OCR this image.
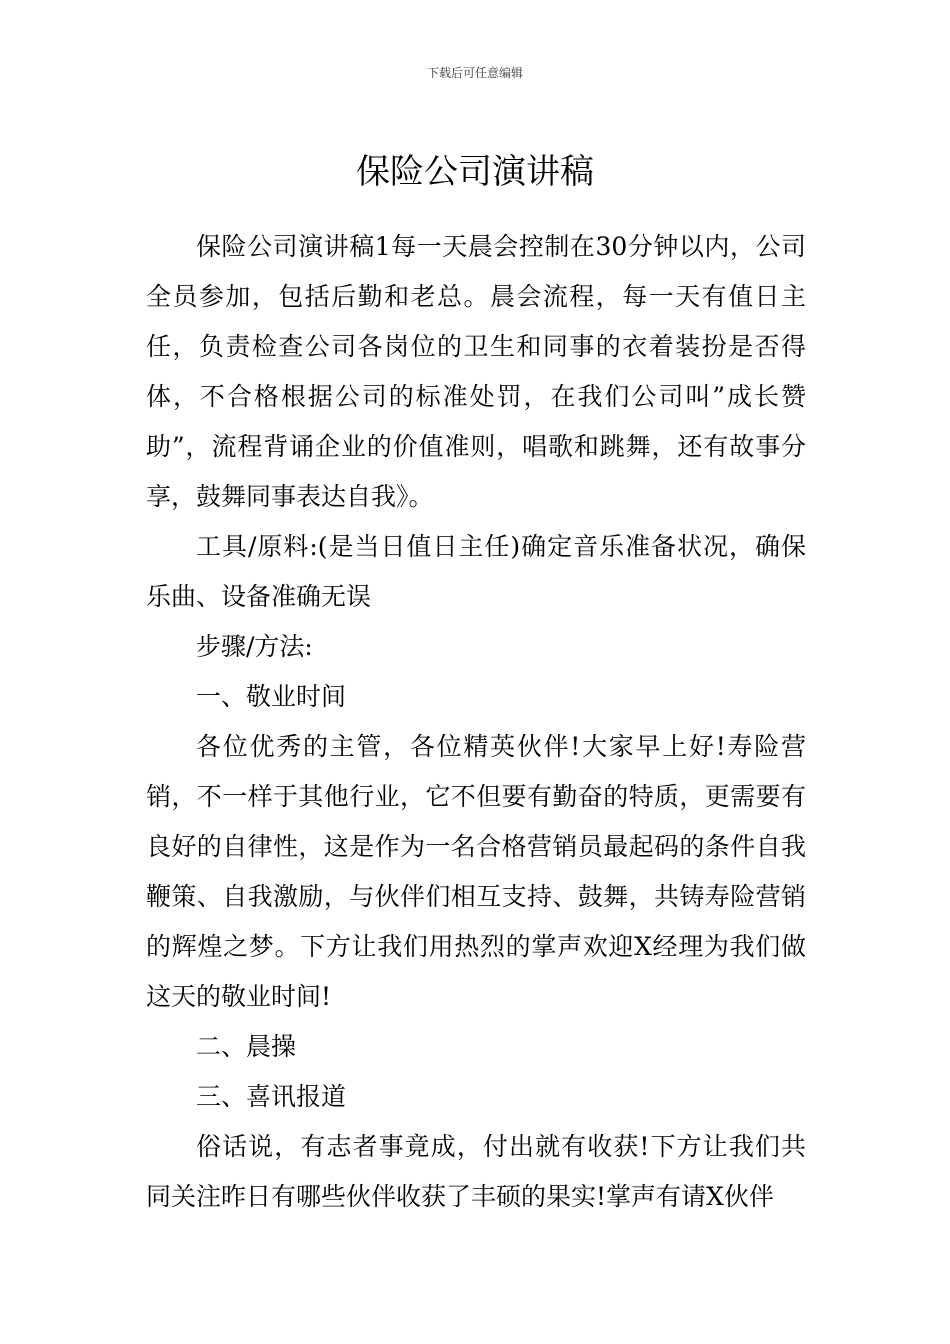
下载后可任意编辑
保险公司演讲稿

保险公司演讲稿1每一天晨会控制在30分钟以内，公司全员参加，包括后勤和老总。晨会流程，每一天有值日主任，负责检查公司各岗位的卫生和同事的衣着装扮是否得体，不合格根据公司的标准处罚，在我们公司叫”成长赞助”，流程背诵企业的价值准则，唱歌和跳舞，还有故事分享，鼓舞同事表达自我》。

工具/原料:(是当日值日主任)确定音乐准备状况，确保乐曲、设备准确无误

步骤/方法:

一、敬业时间

各位优秀的主管，各位精英伙伴!大家早上好!寿险营销，不一样于其他行业，它不但要有勤奋的特质，更需要有良好的自律性，这是作为一名合格营销员最起码的条件自我鞭策、自我激励，与伙伴们相互支持、鼓舞，共铸寿险营销的辉煌之梦。下方让我们用热烈的掌声欢迎X经理为我们做这天的敬业时间!

二、晨操

三、喜讯报道

俗话说，有志者事竟成，付出就有收获!下方让我们共同关注昨日有哪些伙伴收获了丰硕的果实!掌声有请X伙伴
